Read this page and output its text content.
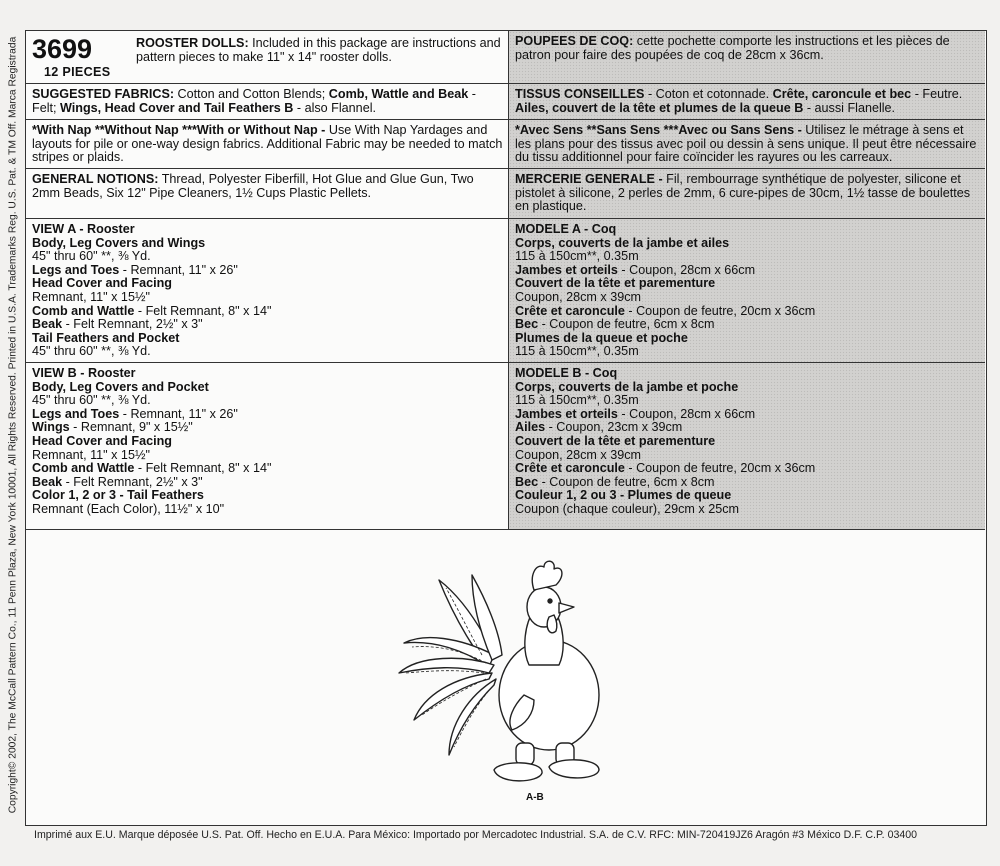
Copyright© 2002, The McCall Pattern Co., 11 Penn Plaza, New York 10001, All Rights Reserved. Printed in U.S.A. Trademarks Reg. U.S. Pat. & TM Off. Marca Registrada 3699
12 PIECES
ROOSTER DOLLS: Included in this package are instructions and pattern pieces to make 11" x 14" rooster dolls.
POUPEES DE COQ: cette pochette comporte les instructions et les pièces de patron pour faire des poupées de coq de 28cm x 36cm.
SUGGESTED FABRICS: Cotton and Cotton Blends; Comb, Wattle and Beak - Felt; Wings, Head Cover and Tail Feathers B - also Flannel.
TISSUS CONSEILLES - Coton et cotonnade. Crête, caroncule et bec - Feutre. Ailes, couvert de la tête et plumes de la queue B - aussi Flanelle.
*With Nap **Without Nap ***With or Without Nap - Use With Nap Yardages and layouts for pile or one-way design fabrics. Additional Fabric may be needed to match stripes or plaids.
*Avec Sens **Sans Sens ***Avec ou Sans Sens - Utilisez le métrage à sens et les plans pour des tissus avec poil ou dessin à sens unique. Il peut être nécessaire du tissu additionnel pour faire coïncider les rayures ou les carreaux.
GENERAL NOTIONS: Thread, Polyester Fiberfill, Hot Glue and Glue Gun, Two 2mm Beads, Six 12" Pipe Cleaners, 1½ Cups Plastic Pellets.
MERCERIE GENERALE - Fil, rembourrage synthétique de polyester, silicone et pistolet à silicone, 2 perles de 2mm, 6 cure-pipes de 30cm, 1½ tasse de boulettes en plastique.
VIEW A - Rooster
Body, Leg Covers and Wings
45" thru 60" **, ⅜ Yd.
Legs and Toes - Remnant, 11" x 26"
Head Cover and Facing
Remnant, 11" x 15½"
Comb and Wattle - Felt Remnant, 8" x 14"
Beak - Felt Remnant, 2½" x 3"
Tail Feathers and Pocket
45" thru 60" **, ⅜ Yd.
MODELE A - Coq
Corps, couverts de la jambe et ailes
115 à 150cm**, 0.35m
Jambes et orteils - Coupon, 28cm x 66cm
Couvert de la tête et parementure
Coupon, 28cm x 39cm
Crête et caroncule - Coupon de feutre, 20cm x 36cm
Bec - Coupon de feutre, 6cm x 8cm
Plumes de la queue et poche
115 à 150cm**, 0.35m
VIEW B - Rooster
Body, Leg Covers and Pocket
45" thru 60" **, ⅜ Yd.
Legs and Toes - Remnant, 11" x 26"
Wings - Remnant, 9" x 15½"
Head Cover and Facing
Remnant, 11" x 15½"
Comb and Wattle - Felt Remnant, 8" x 14"
Beak - Felt Remnant, 2½" x 3"
Color 1, 2 or 3 - Tail Feathers
Remnant (Each Color), 11½" x 10"
MODELE B - Coq
Corps, couverts de la jambe et poche
115 à 150cm**, 0.35m
Jambes et orteils - Coupon, 28cm x 66cm
Ailes - Coupon, 23cm x 39cm
Couvert de la tête et parementure
Coupon, 28cm x 39cm
Crête et caroncule - Coupon de feutre, 20cm x 36cm
Bec - Coupon de feutre, 6cm x 8cm
Couleur 1, 2 ou 3 - Plumes de queue
Coupon (chaque couleur), 29cm x 25cm
A-B
Imprimé aux E.U. Marque déposée U.S. Pat. Off. Hecho en E.U.A. Para México: Importado por Mercadotec Industrial. S.A. de C.V. RFC: MIN-720419JZ6 Aragón #3 México D.F. C.P. 03400
